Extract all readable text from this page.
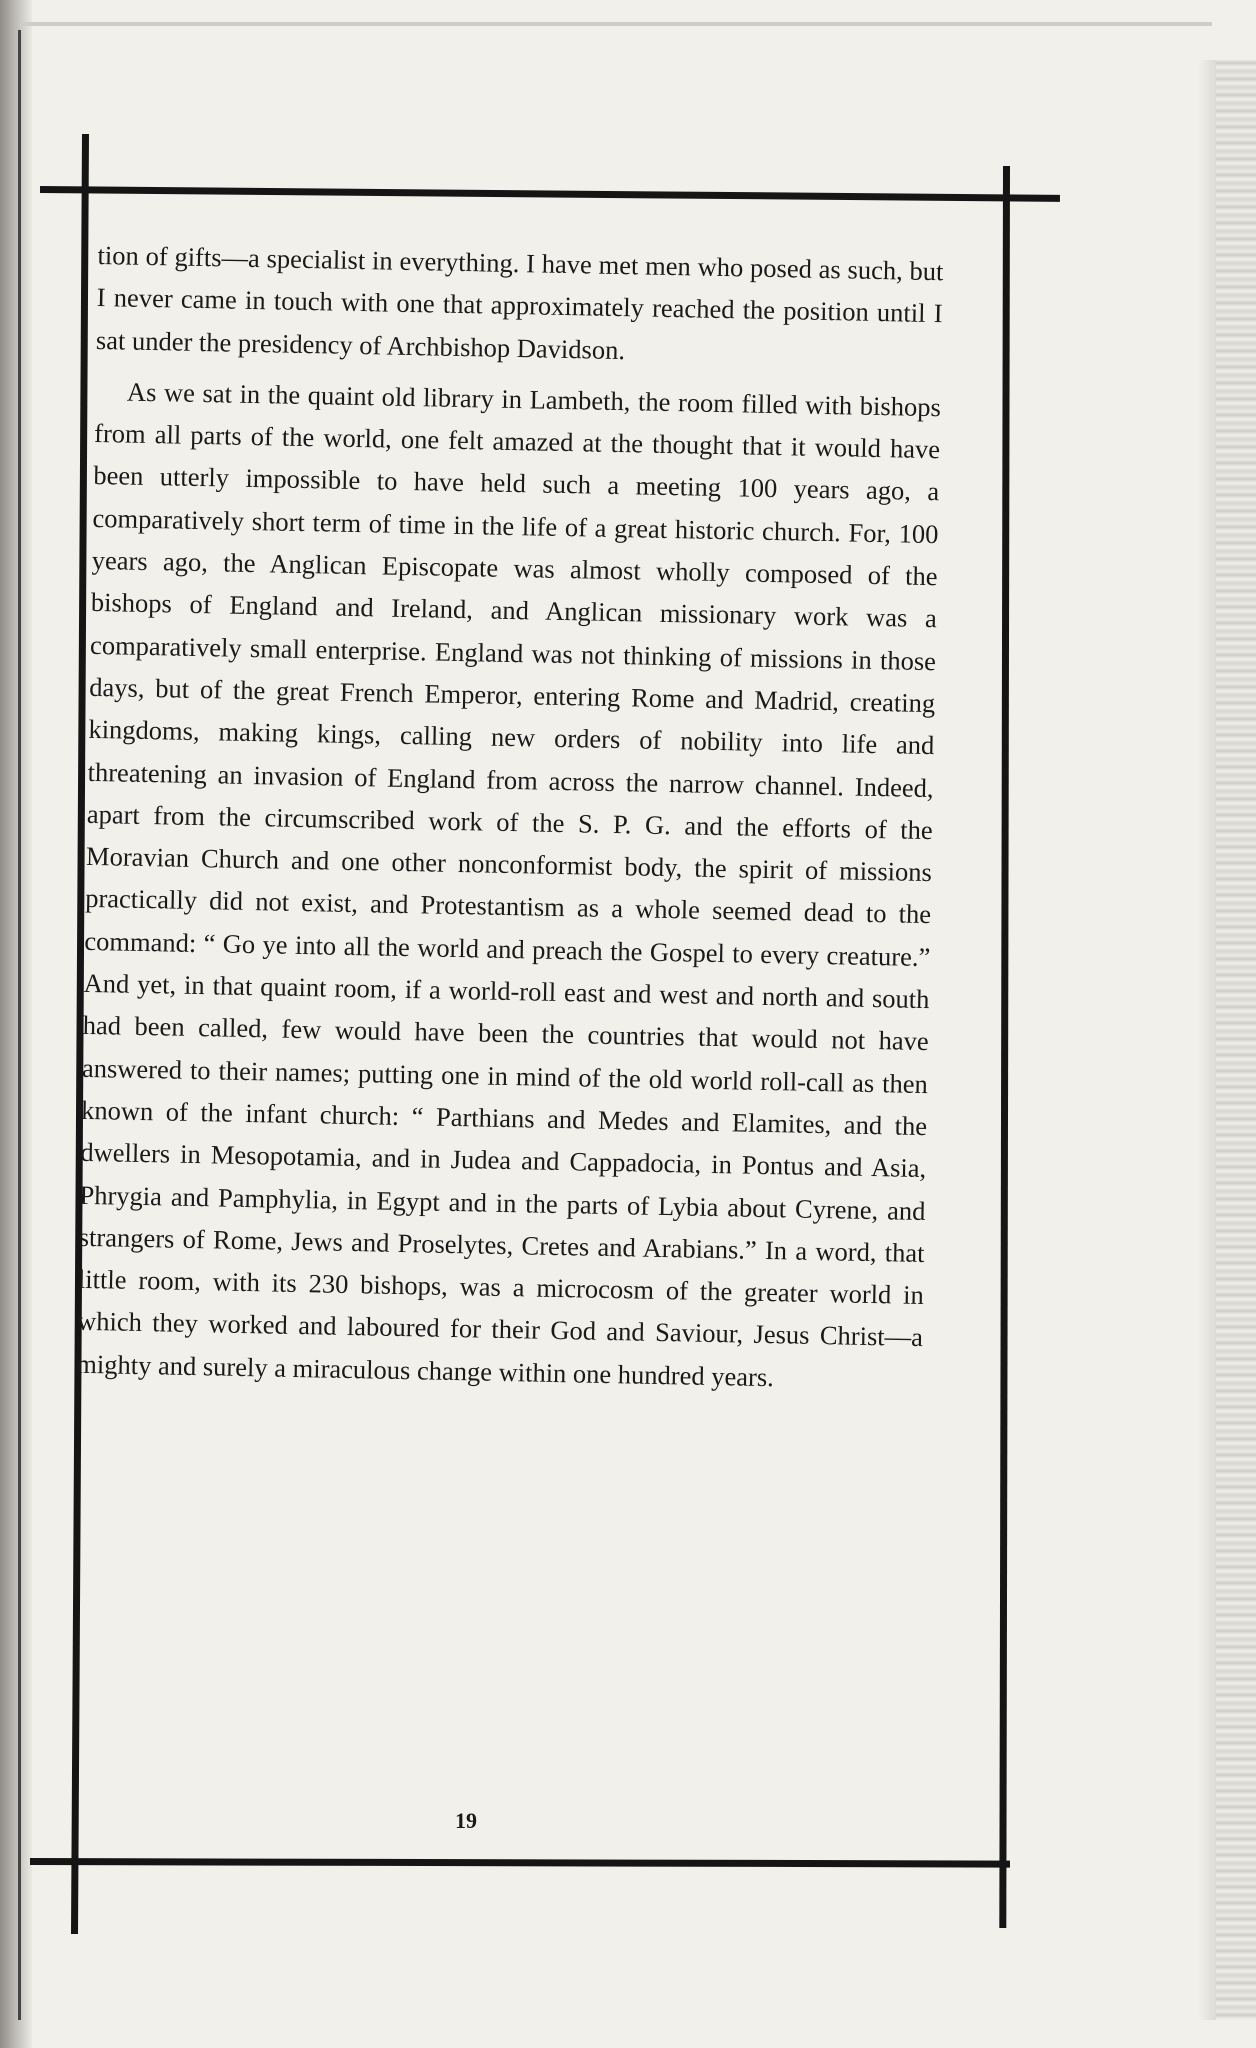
tion of gifts—a specialist in everything. I have met men who posed as such, but I never came in touch with one that approximately reached the position until I sat under the presidency of Archbishop Davidson.

As we sat in the quaint old library in Lambeth, the room filled with bishops from all parts of the world, one felt amazed at the thought that it would have been utterly impossible to have held such a meeting 100 years ago, a comparatively short term of time in the life of a great historic church. For, 100 years ago, the Anglican Episcopate was almost wholly composed of the bishops of England and Ireland, and Anglican missionary work was a comparatively small enterprise. England was not thinking of missions in those days, but of the great French Emperor, entering Rome and Madrid, creating kingdoms, making kings, calling new orders of nobility into life and threatening an invasion of England from across the narrow channel. Indeed, apart from the circumscribed work of the S. P. G. and the efforts of the Moravian Church and one other nonconformist body, the spirit of missions practically did not exist, and Protestantism as a whole seemed dead to the command: “ Go ye into all the world and preach the Gospel to every creature.” And yet, in that quaint room, if a world-roll east and west and north and south had been called, few would have been the countries that would not have answered to their names; putting one in mind of the old world roll-call as then known of the infant church: “ Parthians and Medes and Elamites, and the dwellers in Mesopotamia, and in Judea and Cappadocia, in Pontus and Asia, Phrygia and Pamphylia, in Egypt and in the parts of Lybia about Cyrene, and strangers of Rome, Jews and Proselytes, Cretes and Arabians.” In a word, that little room, with its 230 bishops, was a microcosm of the greater world in which they worked and laboured for their God and Saviour, Jesus Christ—a mighty and surely a miraculous change within one hundred years.

19
